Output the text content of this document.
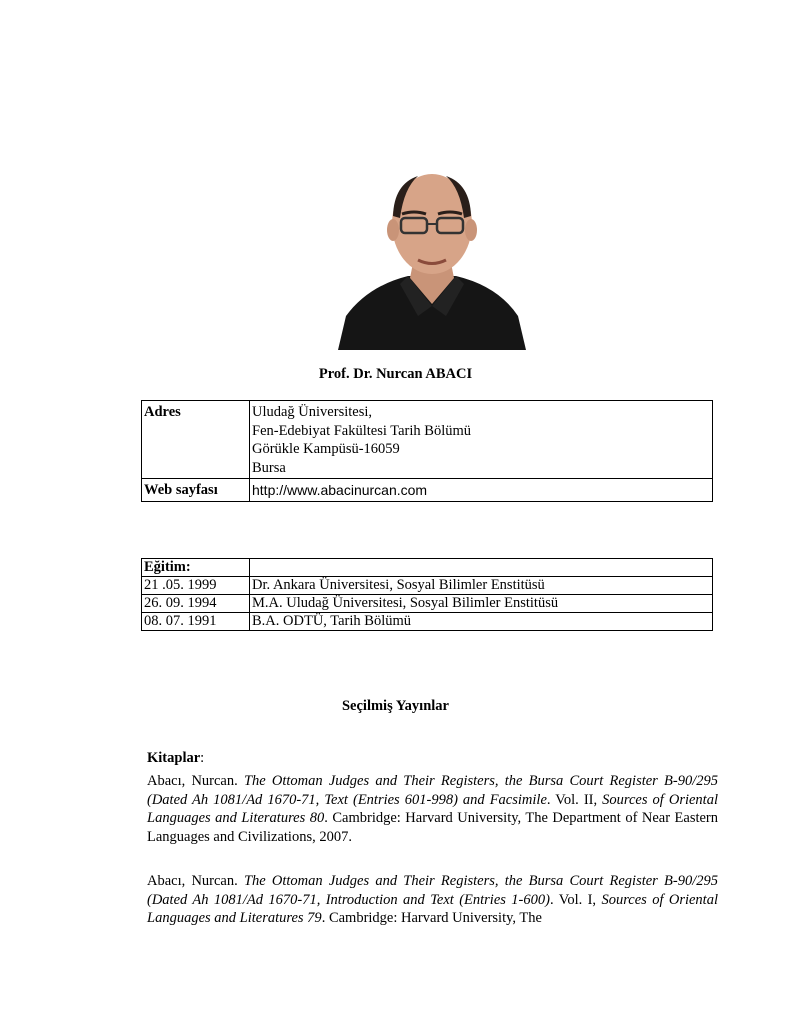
Prof. Dr. Nurcan ABACI
Adres	Uludağ Üniversitesi,
Fen-Edebiyat Fakültesi Tarih Bölümü
Görükle Kampüsü-16059
Bursa

Web sayfası	http://www.abacinurcan.com
Eğitim:	
21 .05. 1999	Dr. Ankara Üniversitesi, Sosyal Bilimler Enstitüsü
26. 09. 1994	M.A. Uludağ Üniversitesi, Sosyal Bilimler Enstitüsü
08. 07. 1991	B.A. ODTÜ, Tarih Bölümü
Seçilmiş Yayınlar
Kitaplar:

Abacı, Nurcan. The Ottoman Judges and Their Registers, the Bursa Court Register B-90/295 (Dated Ah 1081/Ad 1670-71, Text (Entries 601-998) and Facsimile. Vol. II, Sources of Oriental Languages and Literatures 80. Cambridge: Harvard University, The Department of Near Eastern Languages and Civilizations, 2007.

Abacı, Nurcan. The Ottoman Judges and Their Registers, the Bursa Court Register B-90/295 (Dated Ah 1081/Ad 1670-71, Introduction and Text (Entries 1-600). Vol. I, Sources of Oriental Languages and Literatures 79. Cambridge: Harvard University, The
